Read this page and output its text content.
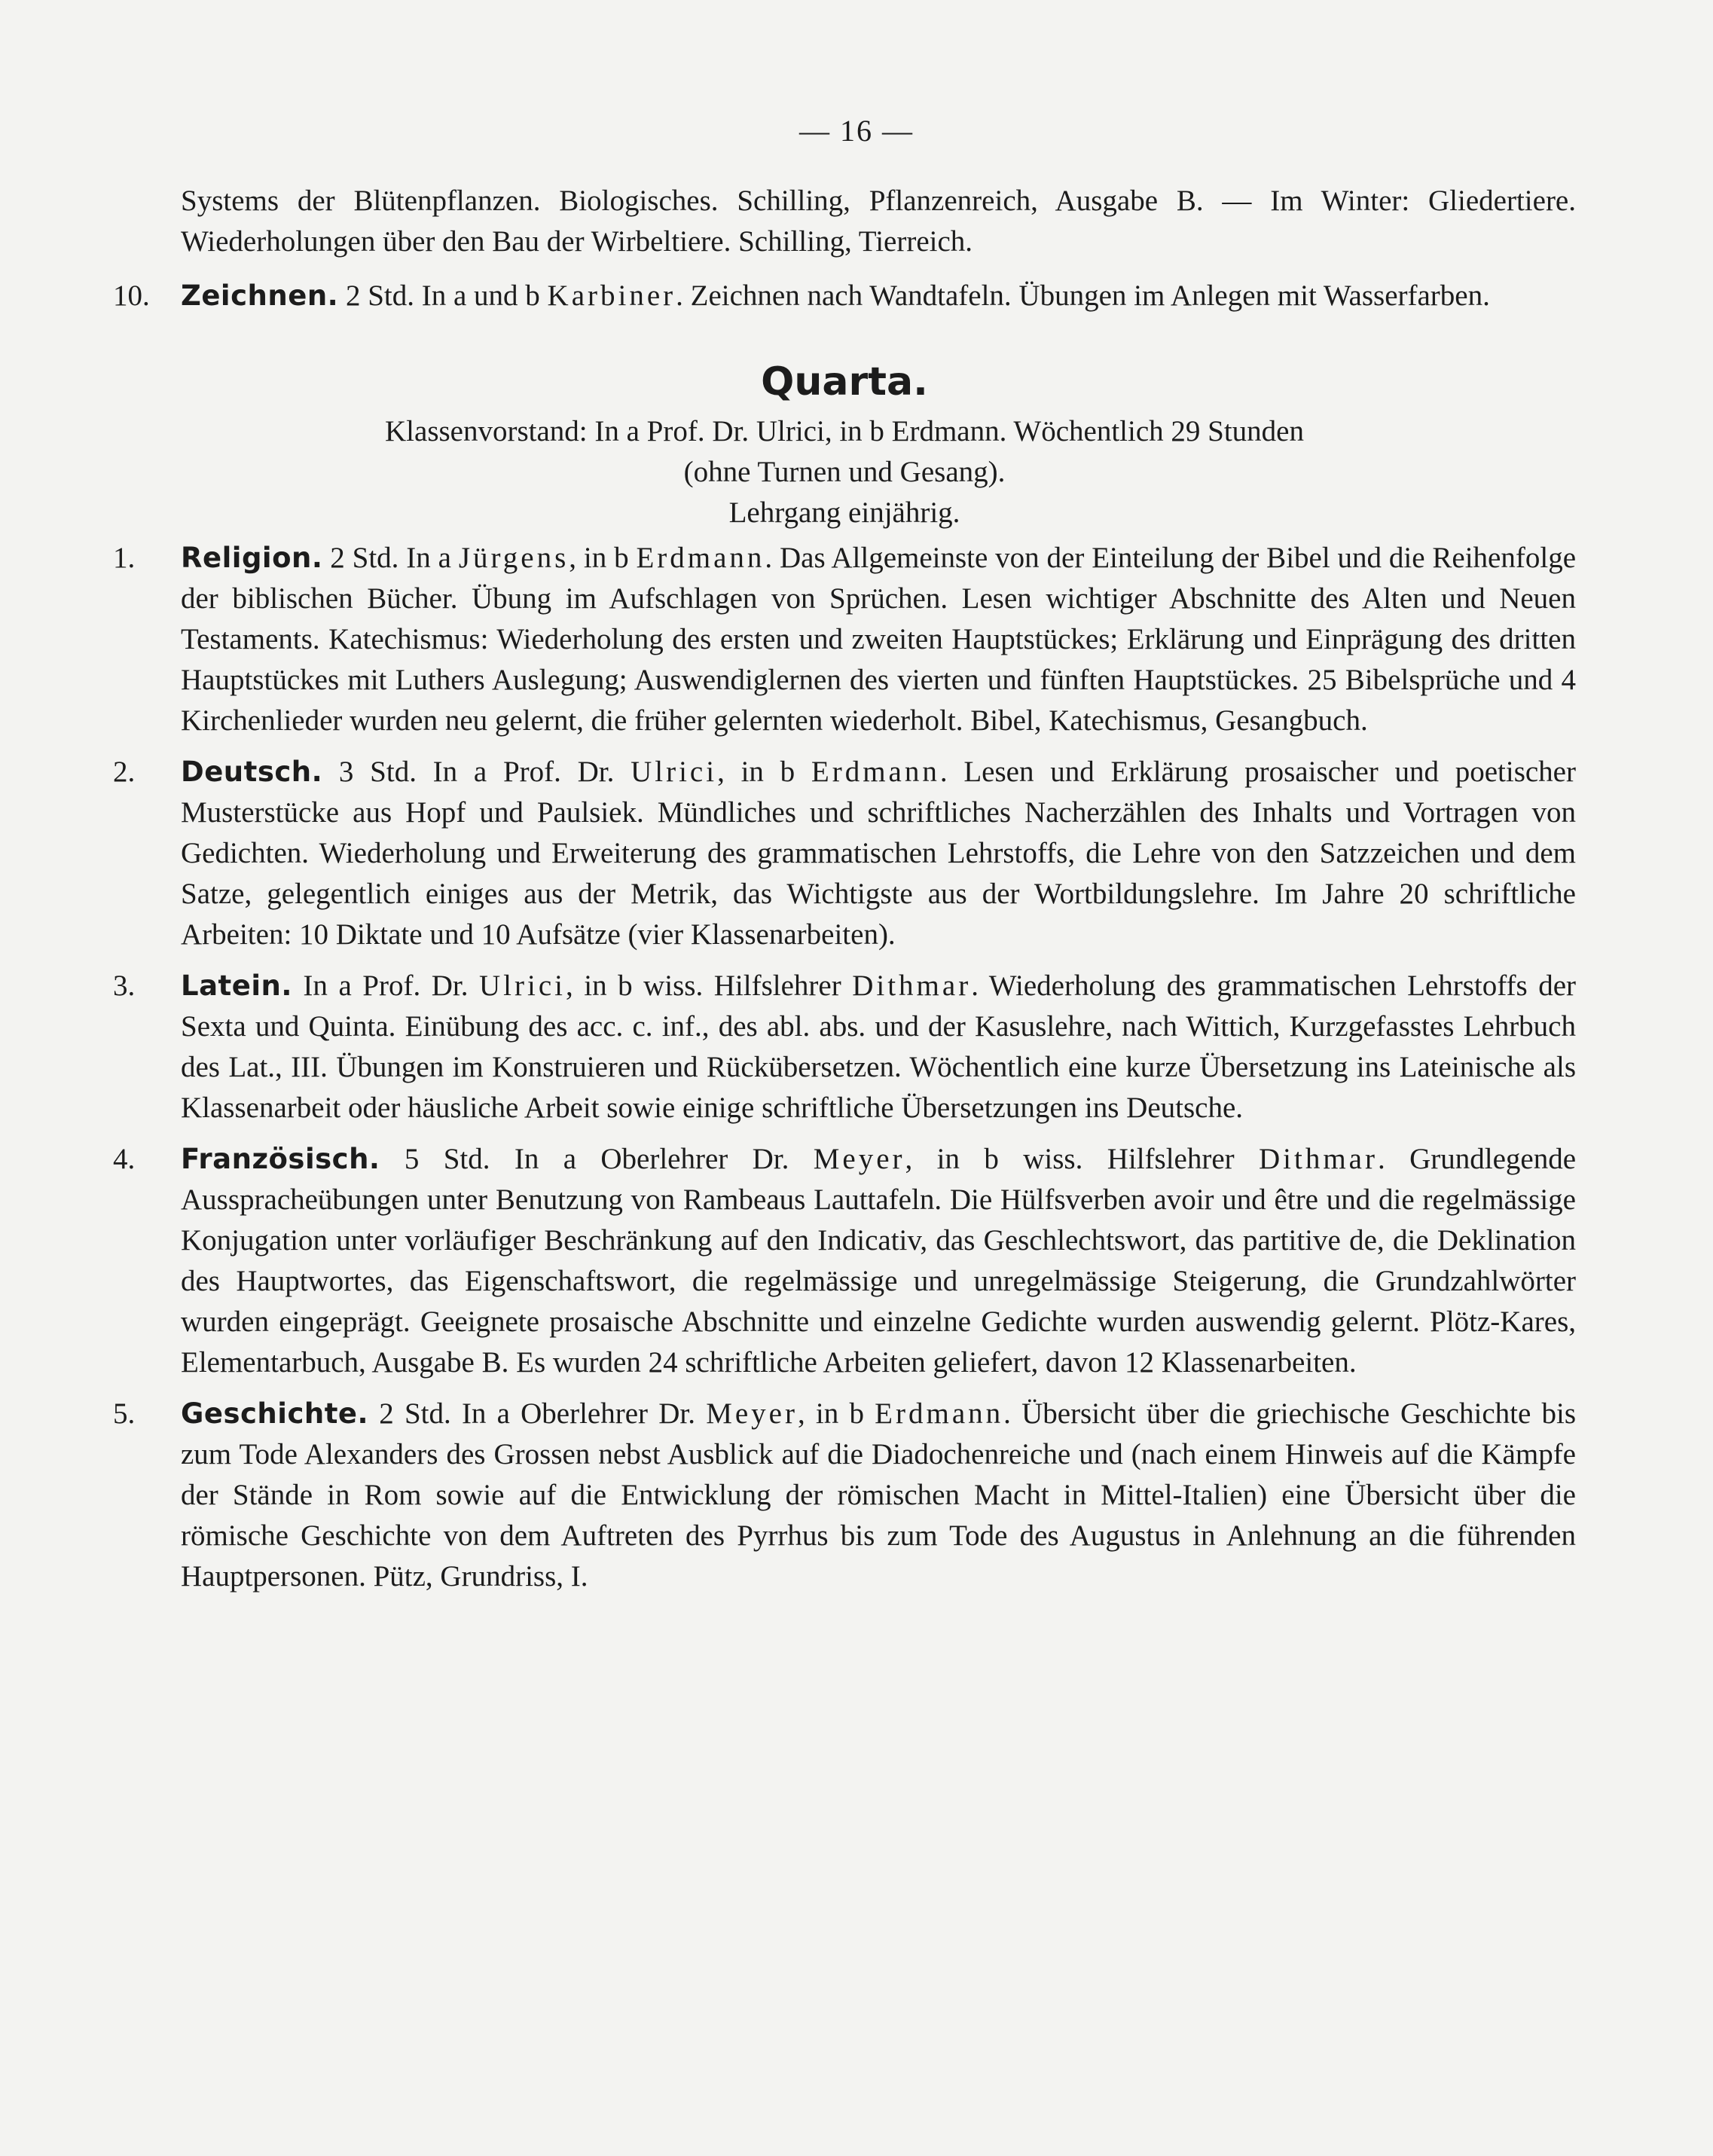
— 16 —

Systems der Blütenpflanzen. Biologisches. Schilling, Pflanzenreich, Ausgabe B. — Im Winter: Gliedertiere. Wiederholungen über den Bau der Wirbeltiere. Schilling, Tierreich.

10.	Zeichnen. 2 Std. In a und b Karbiner. Zeichnen nach Wandtafeln. Übungen im Anlegen mit Wasserfarben.

Quarta.

Klassenvorstand: In a Prof. Dr. Ulrici, in b Erdmann. Wöchentlich 29 Stunden

(ohne Turnen und Gesang).

Lehrgang einjährig.

1.	Religion. 2 Std. In a Jürgens, in b Erdmann. Das Allgemeinste von der Einteilung der Bibel und die Reihenfolge der biblischen Bücher. Übung im Aufschlagen von Sprüchen. Lesen wichtiger Abschnitte des Alten und Neuen Testaments. Katechismus: Wiederholung des ersten und zweiten Hauptstückes; Erklärung und Einprägung des dritten Hauptstückes mit Luthers Auslegung; Auswendiglernen des vierten und fünften Hauptstückes. 25 Bibelsprüche und 4 Kirchenlieder wurden neu gelernt, die früher gelernten wiederholt. Bibel, Katechismus, Gesangbuch.

2.	Deutsch. 3 Std. In a Prof. Dr. Ulrici, in b Erdmann. Lesen und Erklärung prosaischer und poetischer Musterstücke aus Hopf und Paulsiek. Mündliches und schriftliches Nacherzählen des Inhalts und Vortragen von Gedichten. Wiederholung und Erweiterung des grammatischen Lehrstoffs, die Lehre von den Satzzeichen und dem Satze, gelegentlich einiges aus der Metrik, das Wichtigste aus der Wortbildungslehre. Im Jahre 20 schriftliche Arbeiten: 10 Diktate und 10 Aufsätze (vier Klassenarbeiten).

3.	Latein. In a Prof. Dr. Ulrici, in b wiss. Hilfslehrer Dithmar. Wiederholung des grammatischen Lehrstoffs der Sexta und Quinta. Einübung des acc. c. inf., des abl. abs. und der Kasuslehre, nach Wittich, Kurzgefasstes Lehrbuch des Lat., III. Übungen im Konstruieren und Rückübersetzen. Wöchentlich eine kurze Übersetzung ins Lateinische als Klassenarbeit oder häusliche Arbeit sowie einige schriftliche Übersetzungen ins Deutsche.

4.	Französisch. 5 Std. In a Oberlehrer Dr. Meyer, in b wiss. Hilfslehrer Dithmar. Grundlegende Ausspracheübungen unter Benutzung von Rambeaus Lauttafeln. Die Hülfsverben avoir und être und die regelmässige Konjugation unter vorläufiger Beschränkung auf den Indicativ, das Geschlechtswort, das partitive de, die Deklination des Hauptwortes, das Eigenschaftswort, die regelmässige und unregelmässige Steigerung, die Grundzahlwörter wurden eingeprägt. Geeignete prosaische Abschnitte und einzelne Gedichte wurden auswendig gelernt. Plötz-Kares, Elementarbuch, Ausgabe B. Es wurden 24 schriftliche Arbeiten geliefert, davon 12 Klassenarbeiten.

5.	Geschichte. 2 Std. In a Oberlehrer Dr. Meyer, in b Erdmann. Übersicht über die griechische Geschichte bis zum Tode Alexanders des Grossen nebst Ausblick auf die Diadochenreiche und (nach einem Hinweis auf die Kämpfe der Stände in Rom sowie auf die Entwicklung der römischen Macht in Mittel-Italien) eine Übersicht über die römische Geschichte von dem Auftreten des Pyrrhus bis zum Tode des Augustus in Anlehnung an die führenden Hauptpersonen. Pütz, Grundriss, I.
